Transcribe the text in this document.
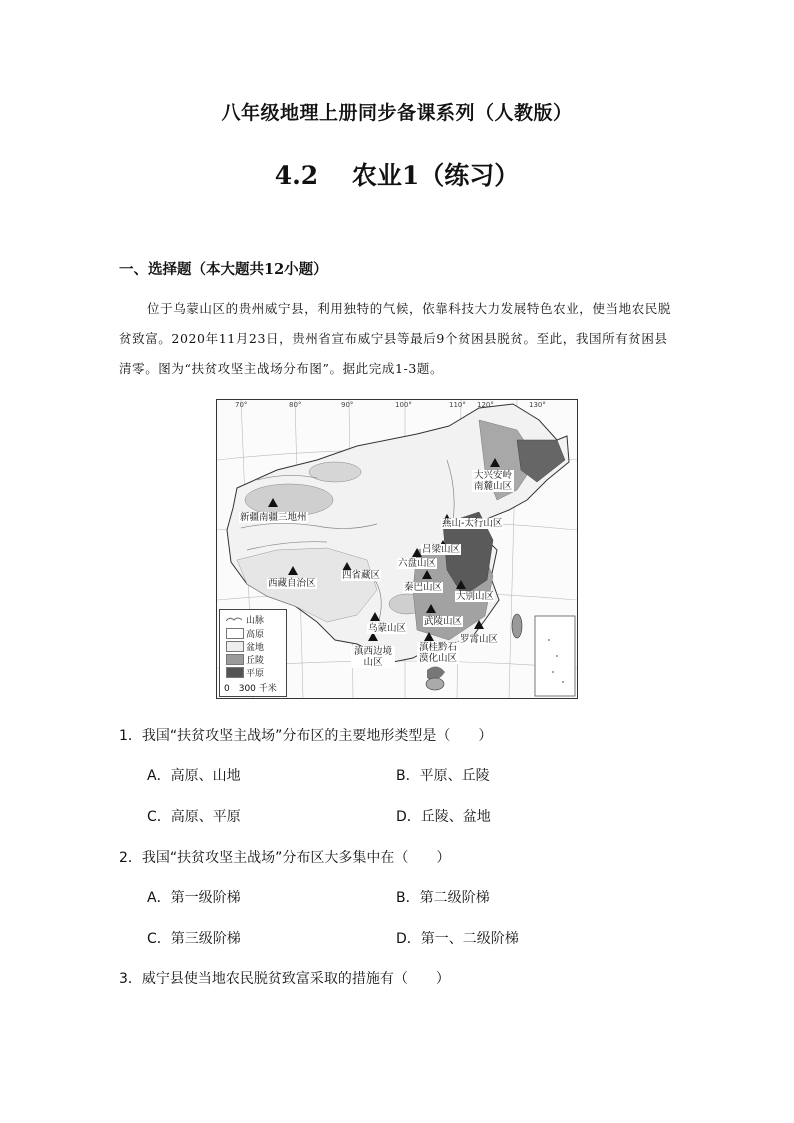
八年级地理上册同步备课系列（人教版）
4.2　 农业1（练习）
一、选择题（本大题共12小题）
位于乌蒙山区的贵州威宁县，利用独特的气候，依靠科技大力发展特色农业，使当地农民脱贫致富。2020年11月23日，贵州省宣布威宁县等最后9个贫困县脱贫。至此，我国所有贫困县清零。图为“扶贫攻坚主战场分布图”。据此完成1-3题。
70°	80°	90°	100°	110° 120°	130°
大兴安岭南麓山区
燕山-太行山区
新疆南疆三地州
吕梁山区
六盘山区
四省藏区
西藏自治区	秦巴山区
大别山区
乌蒙山区
武陵山区
罗霄山区
滇西边境山区
滇桂黔石漠化山区
山脉
高原
盆地
丘陵
平原
0　300 千米
1．我国“扶贫攻坚主战场”分布区的主要地形类型是（　　）
A．高原、山地	B．平原、丘陵
C．高原、平原	D．丘陵、盆地
2．我国“扶贫攻坚主战场”分布区大多集中在（　　）
A．第一级阶梯	B．第二级阶梯
C．第三级阶梯	D．第一、二级阶梯
3．威宁县使当地农民脱贫致富采取的措施有（　　）
